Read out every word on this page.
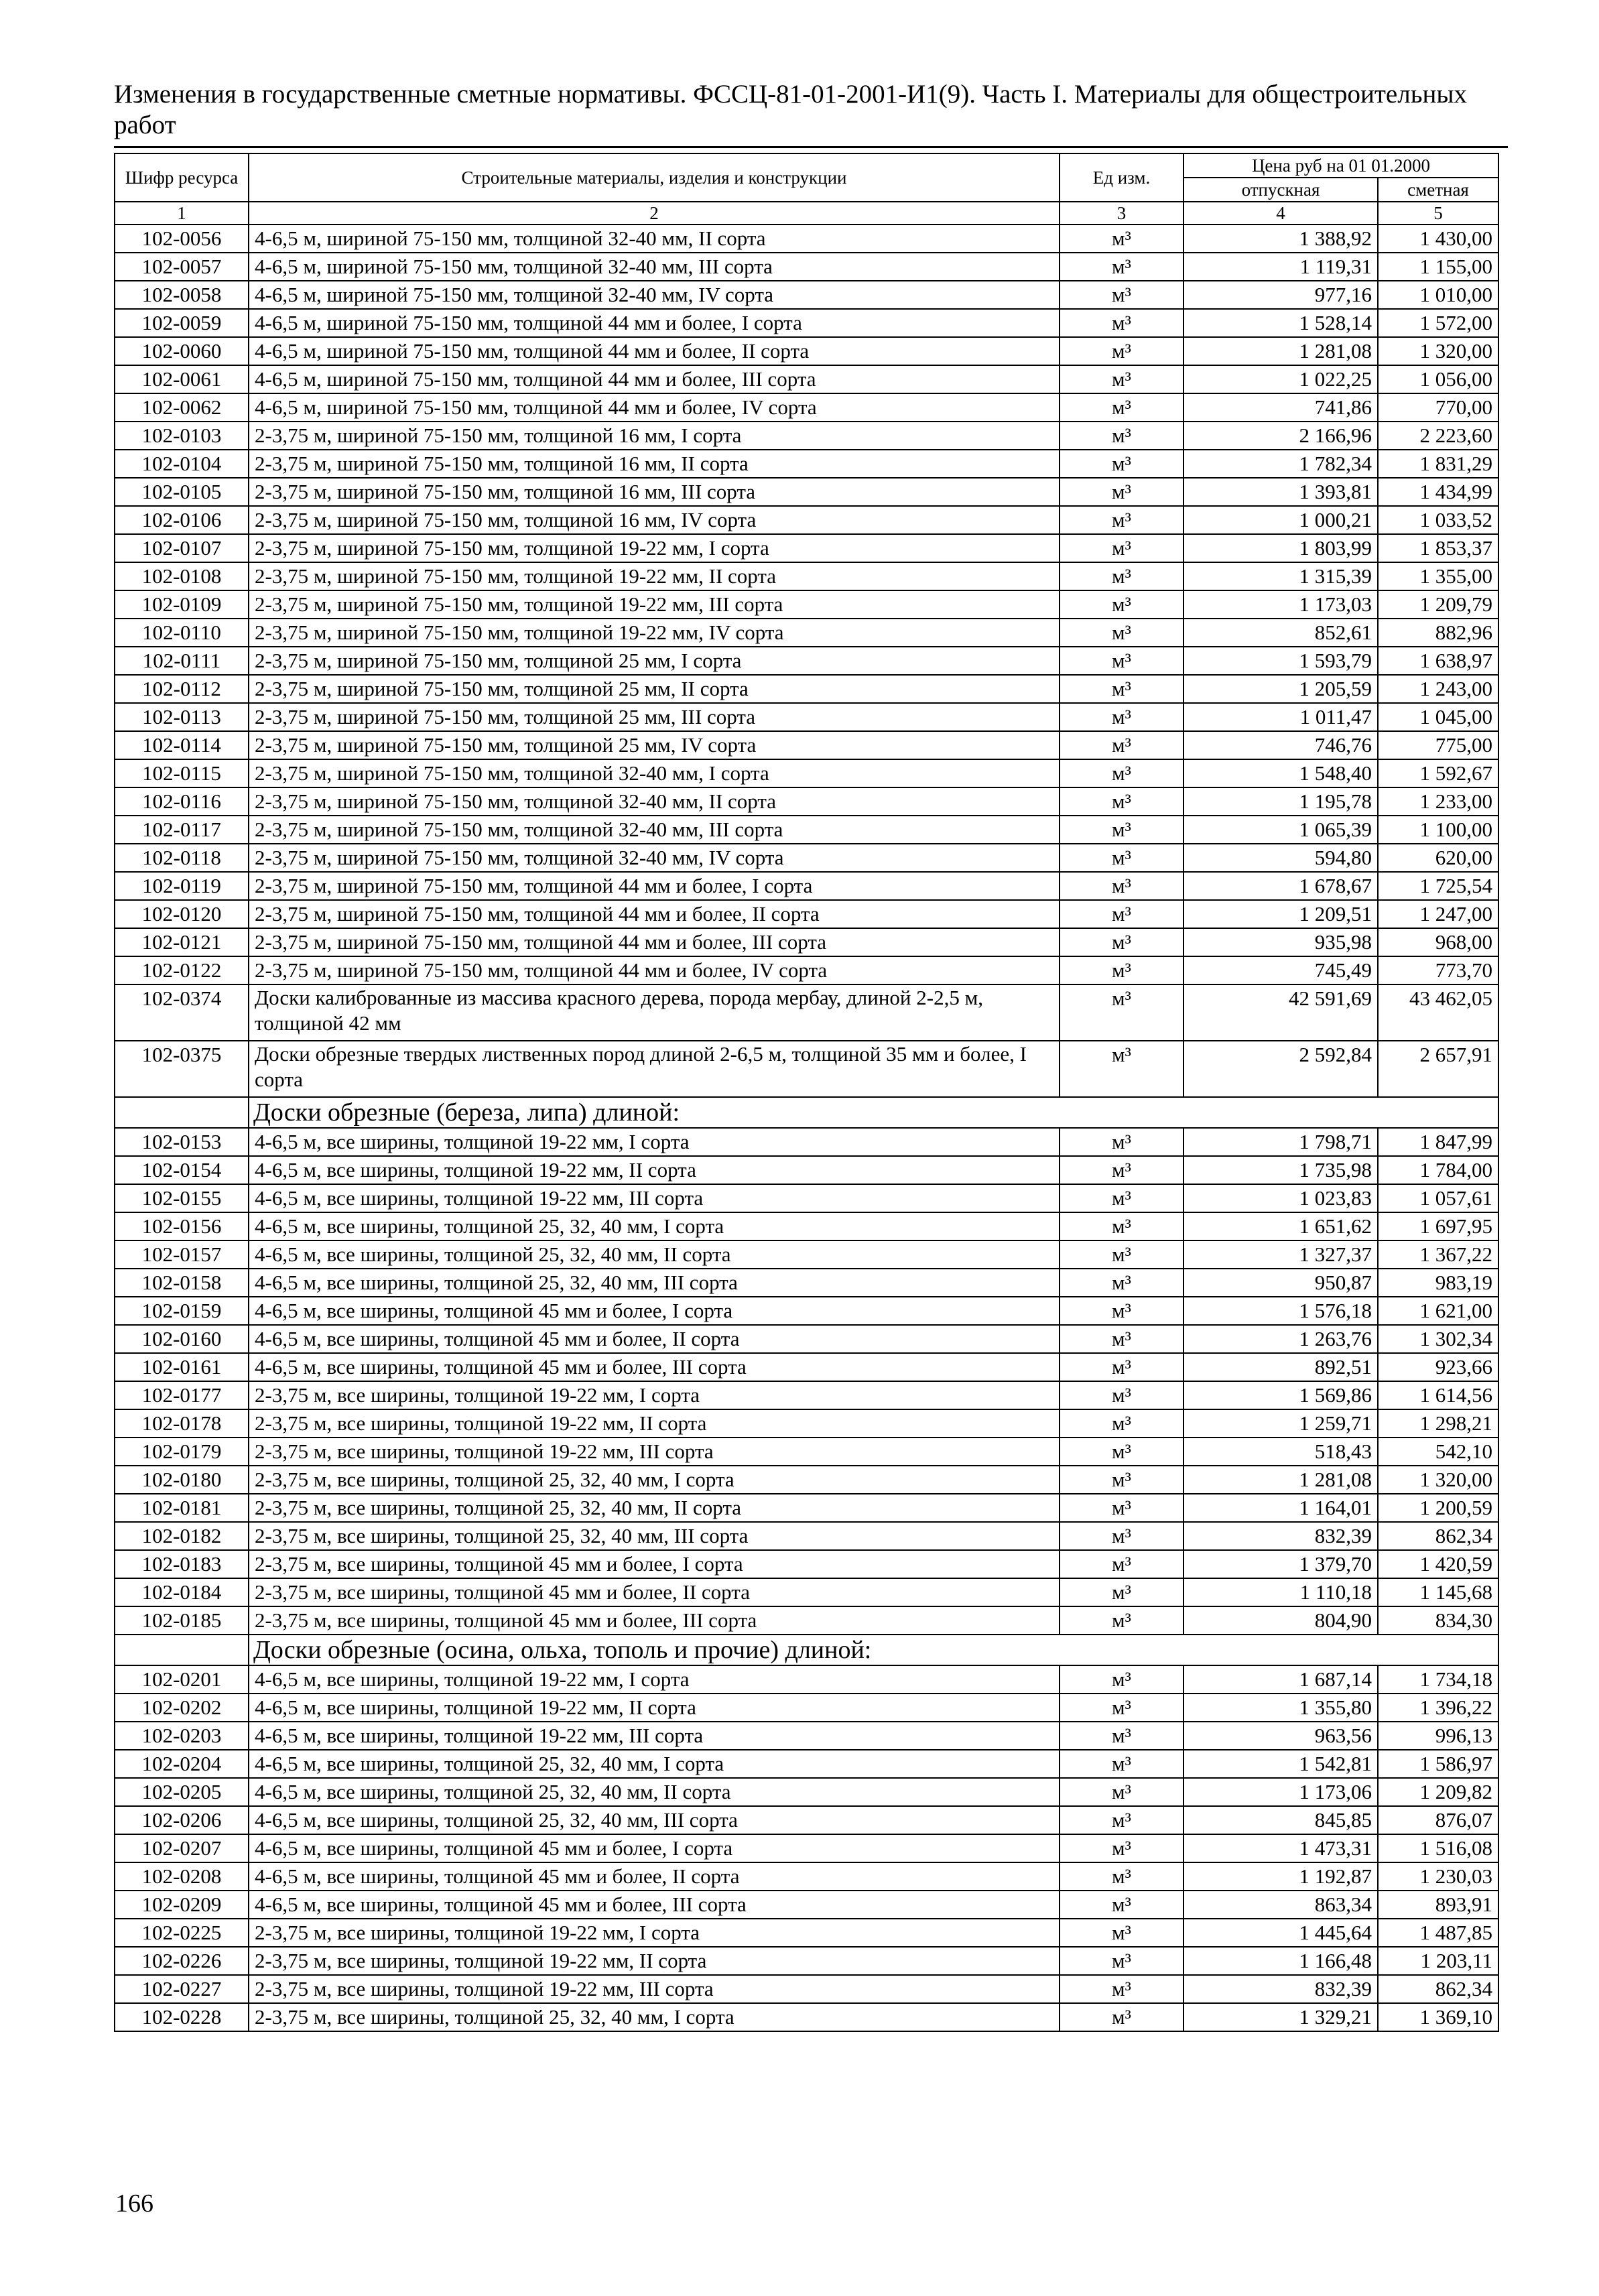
Изменения в государственные сметные нормативы. ФССЦ-81-01-2001-И1(9). Часть I. Материалы для общестроительных работ
Шифр ресурса	Строительные материалы, изделия и конструкции	Ед изм.	Цена руб на 01 01.2000	
			отпускная	сметная
1	2	3	4	5
102-0056	4-6,5 м, шириной 75-150 мм, толщиной 32-40 мм, II сорта	м³	1 388,92	1 430,00
102-0057	4-6,5 м, шириной 75-150 мм, толщиной 32-40 мм, III сорта	м³	1 119,31	1 155,00
102-0058	4-6,5 м, шириной 75-150 мм, толщиной 32-40 мм, IV сорта	м³	977,16	1 010,00
102-0059	4-6,5 м, шириной 75-150 мм, толщиной 44 мм и более, I сорта	м³	1 528,14	1 572,00
102-0060	4-6,5 м, шириной 75-150 мм, толщиной 44 мм и более, II сорта	м³	1 281,08	1 320,00
102-0061	4-6,5 м, шириной 75-150 мм, толщиной 44 мм и более, III сорта	м³	1 022,25	1 056,00
102-0062	4-6,5 м, шириной 75-150 мм, толщиной 44 мм и более, IV сорта	м³	741,86	770,00
102-0103	2-3,75 м, шириной 75-150 мм, толщиной 16 мм, I сорта	м³	2 166,96	2 223,60
102-0104	2-3,75 м, шириной 75-150 мм, толщиной 16 мм, II сорта	м³	1 782,34	1 831,29
102-0105	2-3,75 м, шириной 75-150 мм, толщиной 16 мм, III сорта	м³	1 393,81	1 434,99
102-0106	2-3,75 м, шириной 75-150 мм, толщиной 16 мм, IV сорта	м³	1 000,21	1 033,52
102-0107	2-3,75 м, шириной 75-150 мм, толщиной 19-22 мм, I сорта	м³	1 803,99	1 853,37
102-0108	2-3,75 м, шириной 75-150 мм, толщиной 19-22 мм, II сорта	м³	1 315,39	1 355,00
102-0109	2-3,75 м, шириной 75-150 мм, толщиной 19-22 мм, III сорта	м³	1 173,03	1 209,79
102-0110	2-3,75 м, шириной 75-150 мм, толщиной 19-22 мм, IV сорта	м³	852,61	882,96
102-0111	2-3,75 м, шириной 75-150 мм, толщиной 25 мм, I сорта	м³	1 593,79	1 638,97
102-0112	2-3,75 м, шириной 75-150 мм, толщиной 25 мм, II сорта	м³	1 205,59	1 243,00
102-0113	2-3,75 м, шириной 75-150 мм, толщиной 25 мм, III сорта	м³	1 011,47	1 045,00
102-0114	2-3,75 м, шириной 75-150 мм, толщиной 25 мм, IV сорта	м³	746,76	775,00
102-0115	2-3,75 м, шириной 75-150 мм, толщиной 32-40 мм, I сорта	м³	1 548,40	1 592,67
102-0116	2-3,75 м, шириной 75-150 мм, толщиной 32-40 мм, II сорта	м³	1 195,78	1 233,00
102-0117	2-3,75 м, шириной 75-150 мм, толщиной 32-40 мм, III сорта	м³	1 065,39	1 100,00
102-0118	2-3,75 м, шириной 75-150 мм, толщиной 32-40 мм, IV сорта	м³	594,80	620,00
102-0119	2-3,75 м, шириной 75-150 мм, толщиной 44 мм и более, I сорта	м³	1 678,67	1 725,54
102-0120	2-3,75 м, шириной 75-150 мм, толщиной 44 мм и более, II сорта	м³	1 209,51	1 247,00
102-0121	2-3,75 м, шириной 75-150 мм, толщиной 44 мм и более, III сорта	м³	935,98	968,00
102-0122	2-3,75 м, шириной 75-150 мм, толщиной 44 мм и более, IV сорта	м³	745,49	773,70
102-0374	Доски калиброванные из массива красного дерева, порода мербау, длиной 2-2,5 м, толщиной 42 мм	м³	42 591,69	43 462,05
102-0375	Доски обрезные твердых лиственных пород длиной 2-6,5 м, толщиной 35 мм и более, I сорта	м³	2 592,84	2 657,91
	Доски обрезные (береза, липа) длиной:			
102-0153	4-6,5 м, все ширины, толщиной 19-22 мм, I сорта	м³	1 798,71	1 847,99
102-0154	4-6,5 м, все ширины, толщиной 19-22 мм, II сорта	м³	1 735,98	1 784,00
102-0155	4-6,5 м, все ширины, толщиной 19-22 мм, III сорта	м³	1 023,83	1 057,61
102-0156	4-6,5 м, все ширины, толщиной 25, 32, 40 мм, I сорта	м³	1 651,62	1 697,95
102-0157	4-6,5 м, все ширины, толщиной 25, 32, 40 мм, II сорта	м³	1 327,37	1 367,22
102-0158	4-6,5 м, все ширины, толщиной 25, 32, 40 мм, III сорта	м³	950,87	983,19
102-0159	4-6,5 м, все ширины, толщиной 45 мм и более, I сорта	м³	1 576,18	1 621,00
102-0160	4-6,5 м, все ширины, толщиной 45 мм и более, II сорта	м³	1 263,76	1 302,34
102-0161	4-6,5 м, все ширины, толщиной 45 мм и более, III сорта	м³	892,51	923,66
102-0177	2-3,75 м, все ширины, толщиной 19-22 мм, I сорта	м³	1 569,86	1 614,56
102-0178	2-3,75 м, все ширины, толщиной 19-22 мм, II сорта	м³	1 259,71	1 298,21
102-0179	2-3,75 м, все ширины, толщиной 19-22 мм, III сорта	м³	518,43	542,10
102-0180	2-3,75 м, все ширины, толщиной 25, 32, 40 мм, I сорта	м³	1 281,08	1 320,00
102-0181	2-3,75 м, все ширины, толщиной 25, 32, 40 мм, II сорта	м³	1 164,01	1 200,59
102-0182	2-3,75 м, все ширины, толщиной 25, 32, 40 мм, III сорта	м³	832,39	862,34
102-0183	2-3,75 м, все ширины, толщиной 45 мм и более, I сорта	м³	1 379,70	1 420,59
102-0184	2-3,75 м, все ширины, толщиной 45 мм и более, II сорта	м³	1 110,18	1 145,68
102-0185	2-3,75 м, все ширины, толщиной 45 мм и более, III сорта	м³	804,90	834,30
	Доски обрезные (осина, ольха, тополь и прочие) длиной:			
102-0201	4-6,5 м, все ширины, толщиной 19-22 мм, I сорта	м³	1 687,14	1 734,18
102-0202	4-6,5 м, все ширины, толщиной 19-22 мм, II сорта	м³	1 355,80	1 396,22
102-0203	4-6,5 м, все ширины, толщиной 19-22 мм, III сорта	м³	963,56	996,13
102-0204	4-6,5 м, все ширины, толщиной 25, 32, 40 мм, I сорта	м³	1 542,81	1 586,97
102-0205	4-6,5 м, все ширины, толщиной 25, 32, 40 мм, II сорта	м³	1 173,06	1 209,82
102-0206	4-6,5 м, все ширины, толщиной 25, 32, 40 мм, III сорта	м³	845,85	876,07
102-0207	4-6,5 м, все ширины, толщиной 45 мм и более, I сорта	м³	1 473,31	1 516,08
102-0208	4-6,5 м, все ширины, толщиной 45 мм и более, II сорта	м³	1 192,87	1 230,03
102-0209	4-6,5 м, все ширины, толщиной 45 мм и более, III сорта	м³	863,34	893,91
102-0225	2-3,75 м, все ширины, толщиной 19-22 мм, I сорта	м³	1 445,64	1 487,85
102-0226	2-3,75 м, все ширины, толщиной 19-22 мм, II сорта	м³	1 166,48	1 203,11
102-0227	2-3,75 м, все ширины, толщиной 19-22 мм, III сорта	м³	832,39	862,34
102-0228	2-3,75 м, все ширины, толщиной 25, 32, 40 мм, I сорта	м³	1 329,21	1 369,10

166
